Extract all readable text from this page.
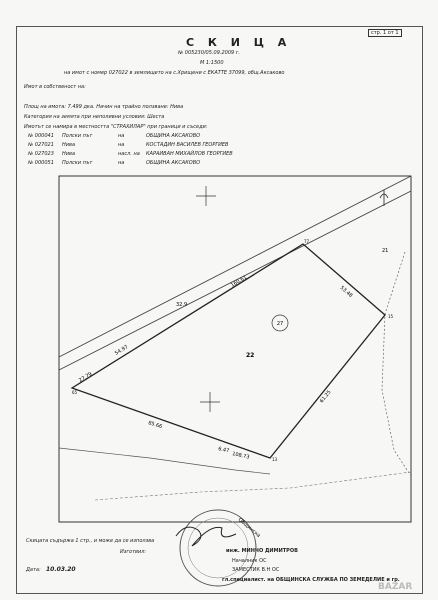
стр. 1 от 1
С К И Ц А
№ 005230/05.09.2009 г.
М 1:1500
на имот с номер 027022 в землището на с.Хрищени с ЕКАТТЕ 37099, общ.Аксаково
Имот в собственост на:
Площ на имота: 7.499 дка. Начин на трайно ползване: Нива
Категория на земята при неполивни условия: Шеста
Имотът се намира в местността "СТРАХИЛАР" при граници и съседи:
№ 000041 Полски път	на	ОБЩИНА АКСАКОВО
№ 027021 Нива	на	КОСТАДИН ВАСИЛЕВ ГЕОРГИЕВ
№ 027023 Нива	насл. на КАРАИВАН МИХАЙЛОВ ГЕОРГИЕВ
№ 000051 Полски път	на	ОБЩИНА АКСАКОВО
27
22
21
32.9
160.61
53.48
61.25
54.97
85.66
27.79
108.73
6.47
77
15
13
65
Общинска
Скицата съдържа 1 стр., и може да се използва
Изготвил:
Дата: 10.03.20
инж. МИНЧО ДИМИТРОВ
Началник ОС
ЗАМЕСТИК В.Н ОС
гл.специалист. на ОБЩИНСКА СЛУЖБА ПО ЗЕМЕДЕЛИЕ и гр.
BAZAR
